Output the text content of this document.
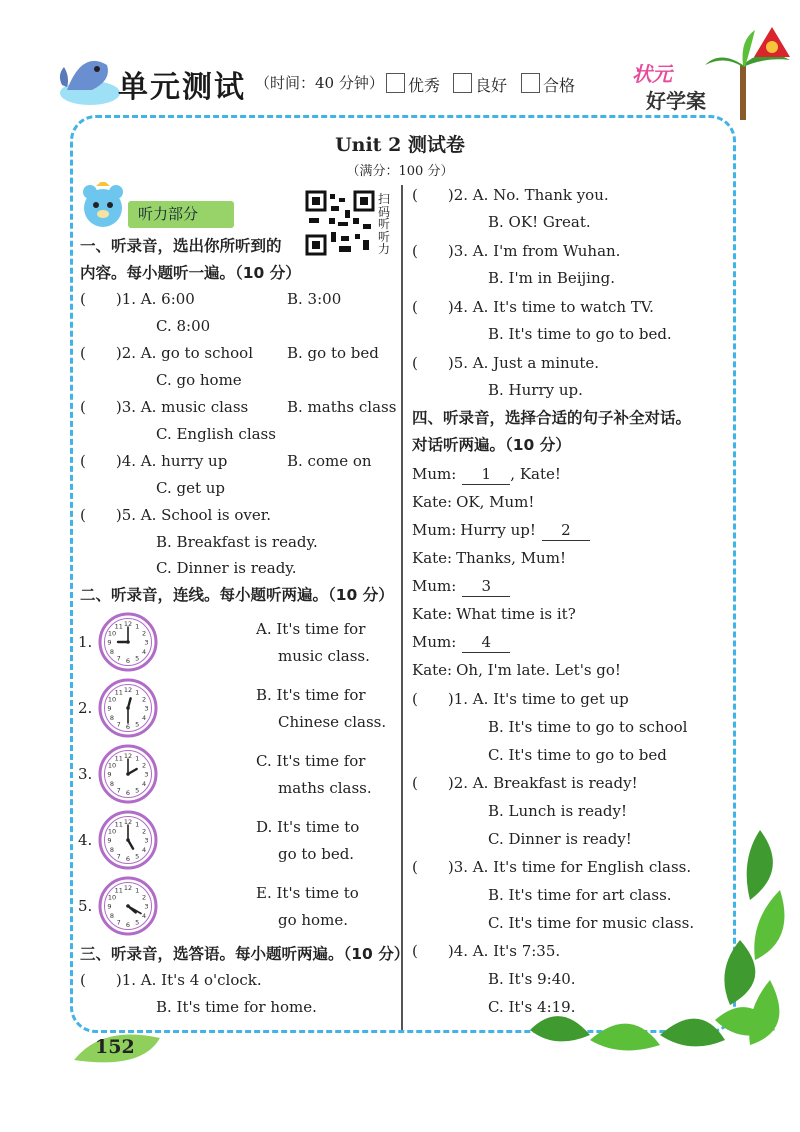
单元测试 （时间：40 分钟） 优秀 良好 合格	状元
好学案
Unit 2 测试卷
（满分：100 分）
听力部分
扫码听听力
一、听录音，选出你所听到的
内容。每小题听一遍。（10 分）
(　　)1. A. 6:00	B. 3:00
C. 8:00
(　　)2. A. go to school B. go to bed
C. go home
(　　)3. A. music class	B. maths class
C. English class
(　　)4. A. hurry up	B. come on
C. get up
(　　)5. A. School is over.
B. Breakfast is ready.
C. Dinner is ready.
二、听录音，连线。每小题听两遍。（10 分）
1.
2.
3.
4.
5.
1
2
3
4
5
6
7
8
9
10
11 12
1
2
3
4
5
6
7
8
9
10
11 12
1
2
3
4
5
6
7
8
9
10
11 12
1
2
3
4
5
6
7
8
9
10
11 12
1
2
3
4
5
6
7
8
9
10
11 12
A. It's time for
music class.
B. It's time for
Chinese class.
C. It's time for
maths class.
D. It's time to
go to bed.
E. It's time to
go home.
三、听录音，选答语。每小题听两遍。（10 分）
(　　)1. A. It's 4 o'clock.
B. It's time for home.
(　　)2. A. No. Thank you.
B. OK! Great.
(　　)3. A. I'm from Wuhan.
B. I'm in Beijing.
(　　)4. A. It's time to watch TV.
B. It's time to go to bed.
(　　)5. A. Just a minute.
B. Hurry up.
四、听录音，选择合适的句子补全对话。
对话听两遍。（10 分）
Mum: 1 , Kate!
Kate: OK, Mum!
Mum: Hurry up! 2
Kate: Thanks, Mum!
Mum: 3
Kate: What time is it?
Mum: 4
Kate: Oh, I'm late. Let's go!
(　　)1. A. It's time to get up
B. It's time to go to school
C. It's time to go to bed
(　　)2. A. Breakfast is ready!
B. Lunch is ready!
C. Dinner is ready!
(　　)3. A. It's time for English class.
B. It's time for art class.
C. It's time for music class.
(　　)4. A. It's 7:35.
B. It's 9:40.
C. It's 4:19.
152
